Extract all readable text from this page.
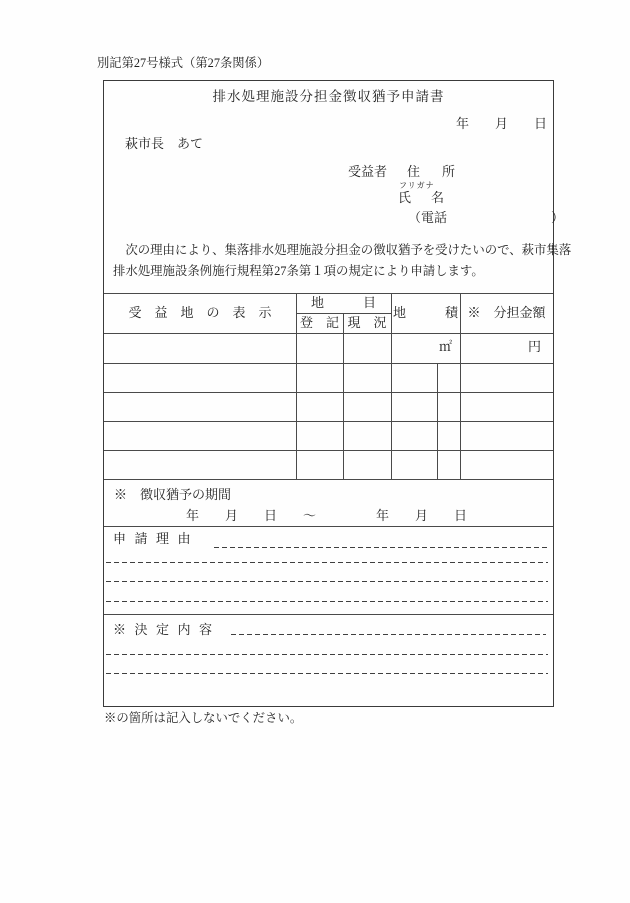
別記第27号様式（第27条関係）
排水処理施設分担金徴収猶予申請書
年　　月　　日
萩市長　あて
受益者 住所
フリガナ
氏名
（電話　　　　　　　　）
　次の理由により、集落排水処理施設分担金の徴収猶予を受けたいので、萩市集落
排水処理施設条例施行規程第27条第１項の規定により申請します。
受　益　地　の　表　示
地　　　目
登　記 現　況
地　　　積 ※　分担金額
㎡	円
※　徴収猶予の期間
年　　月　　日　　～	年　　月　　日
申請理由
※決定内容
※の箇所は記入しないでください。
